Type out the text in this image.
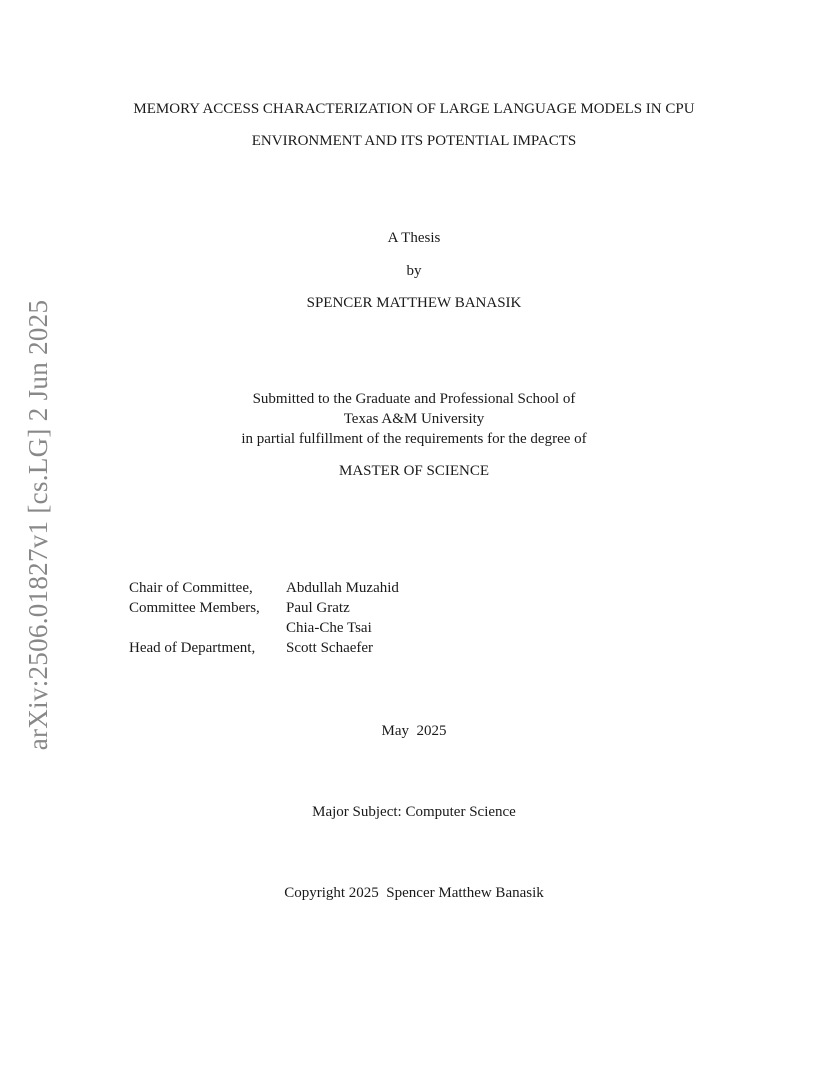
arXiv:2506.01827v1 [cs.LG] 2 Jun 2025
MEMORY ACCESS CHARACTERIZATION OF LARGE LANGUAGE MODELS IN CPU
ENVIRONMENT AND ITS POTENTIAL IMPACTS
A Thesis
by
SPENCER MATTHEW BANASIK
Submitted to the Graduate and Professional School of
Texas A&M University
in partial fulfillment of the requirements for the degree of
MASTER OF SCIENCE
Chair of Committee,	Abdullah Muzahid
Committee Members,	Paul Gratz
Chia-Che Tsai
Head of Department,	Scott Schaefer
May  2025
Major Subject: Computer Science
Copyright 2025  Spencer Matthew Banasik
